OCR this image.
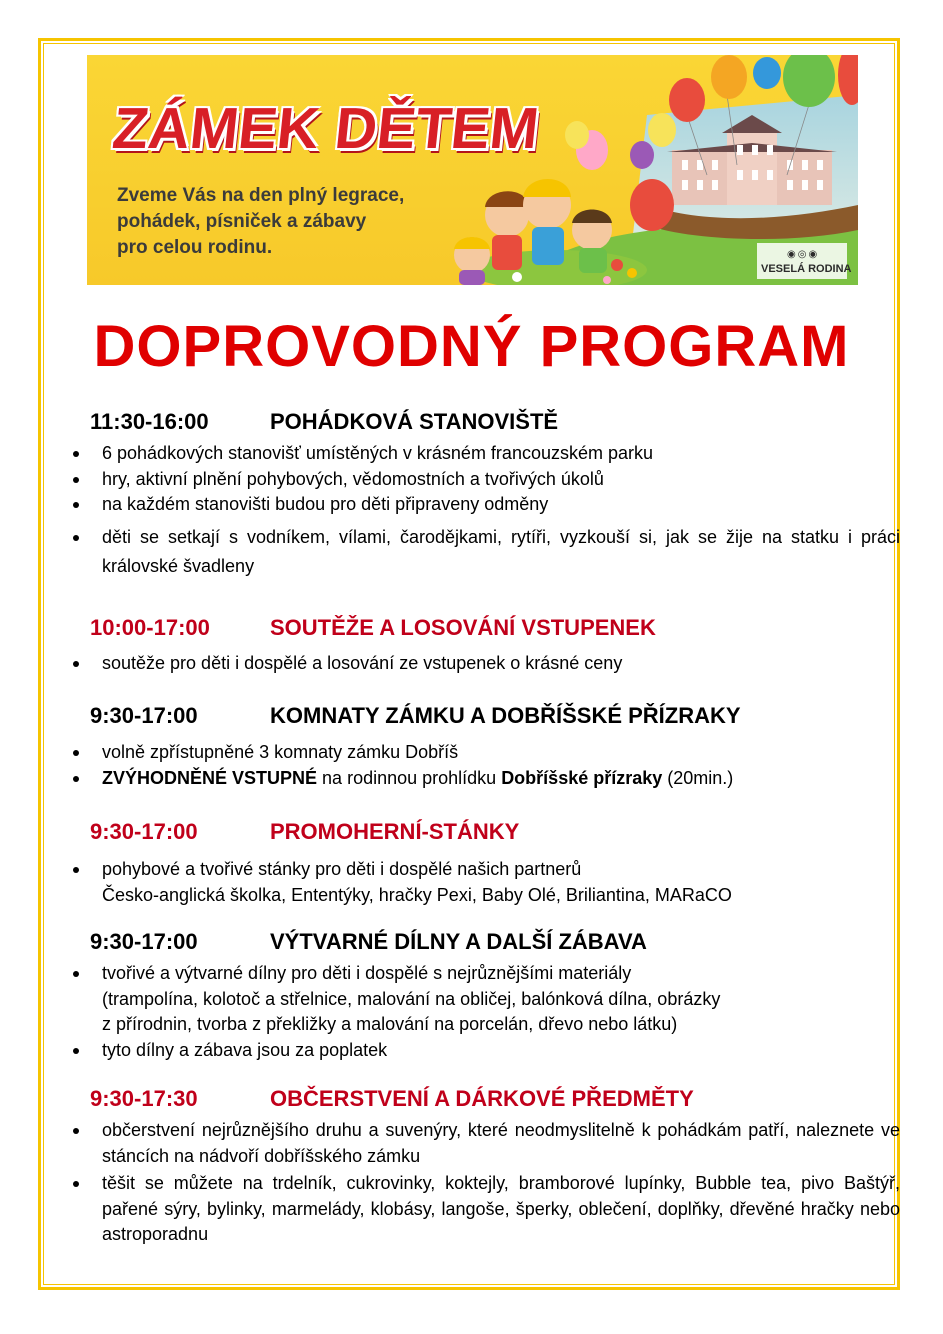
ZÁMEK DĚTEM
Zveme Vás na den plný legrace,
pohádek, písniček a zábavy
pro celou rodinu.	◉◎◉
VESELÁ RODINA
DOPROVODNÝ PROGRAM
11:30-16:00	POHÁDKOVÁ STANOVIŠTĚ
6 pohádkových stanovišť umístěných v krásném francouzském parku
hry, aktivní plnění pohybových, vědomostních a tvořivých úkolů
na každém stanovišti budou pro děti připraveny odměny
děti se setkají s vodníkem, vílami, čarodějkami, rytíři, vyzkouší si, jak se žije na statku i práci královské švadleny
10:00-17:00	SOUTĚŽE A LOSOVÁNÍ VSTUPENEK
soutěže pro děti i dospělé a losování ze vstupenek o krásné ceny
9:30-17:00	KOMNATY ZÁMKU A DOBŘÍŠSKÉ PŘÍZRAKY
volně zpřístupněné 3 komnaty zámku Dobříš
ZVÝHODNĚNÉ VSTUPNÉ na rodinnou prohlídku Dobříšské přízraky (20min.)
9:30-17:00	PROMOHERNÍ-STÁNKY
pohybové a tvořivé stánky pro děti i dospělé našich partnerů
Česko-anglická školka, Ententýky, hračky Pexi, Baby Olé, Briliantina, MARaCO
9:30-17:00	VÝTVARNÉ DÍLNY A DALŠÍ ZÁBAVA
tvořivé a výtvarné dílny pro děti i dospělé s nejrůznějšími materiály
(trampolína, kolotoč a střelnice, malování na obličej, balónková dílna, obrázky
z přírodnin, tvorba z překližky a malování na porcelán, dřevo nebo látku)
tyto dílny a zábava jsou za poplatek
9:30-17:30	OBČERSTVENÍ A DÁRKOVÉ PŘEDMĚTY
občerstvení nejrůznějšího druhu a suvenýry, které neodmyslitelně k pohádkám patří, naleznete ve stáncích na nádvoří dobříšského zámku
těšit se můžete na trdelník, cukrovinky, koktejly, bramborové lupínky, Bubble tea, pivo Baštýř, pařené sýry, bylinky, marmelády, klobásy, langoše, šperky, oblečení, doplňky, dřevěné hračky nebo astroporadnu
